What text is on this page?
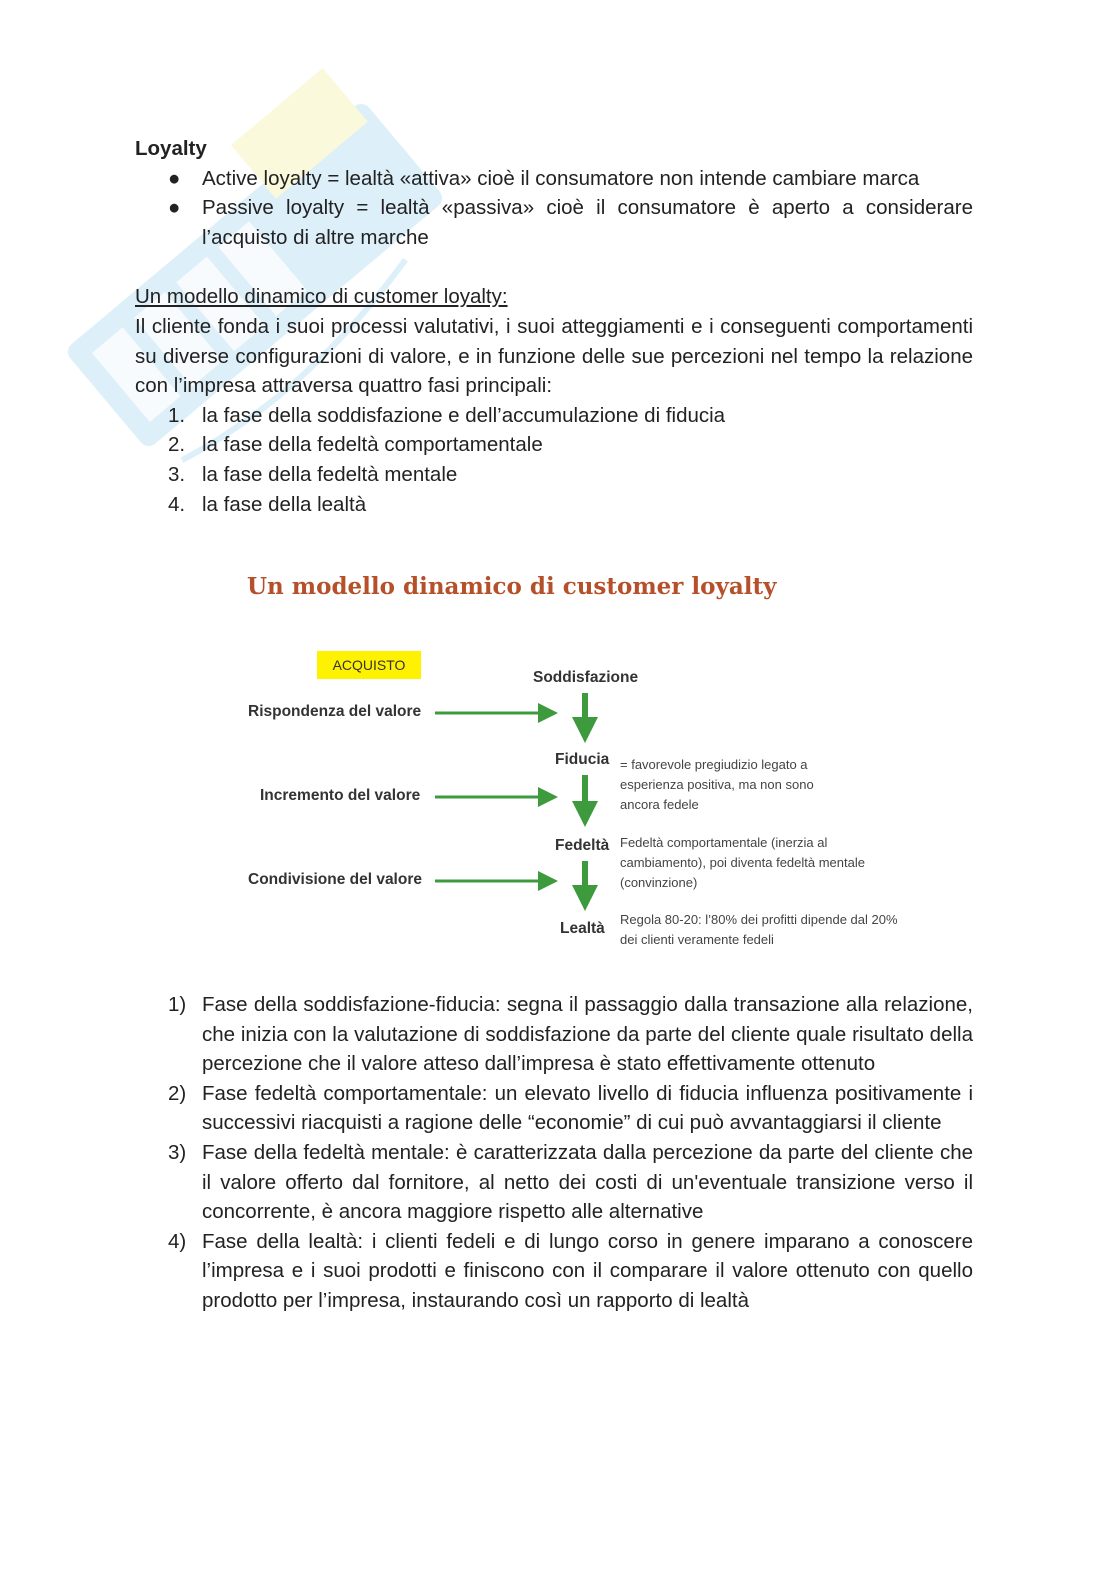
Loyalty

● Active loyalty = lealtà «attiva» cioè il consumatore non intende cambiare marca
● Passive loyalty = lealtà «passiva» cioè il consumatore è aperto a considerare l’acquisto di altre marche

Un modello dinamico di customer loyalty:

Il cliente fonda i suoi processi valutativi, i suoi atteggiamenti e i conseguenti comportamenti su diverse configurazioni di valore, e in funzione delle sue percezioni nel tempo la relazione con l’impresa attraversa quattro fasi principali:

1. la fase della soddisfazione e dell’accumulazione di fiducia
2. la fase della fedeltà comportamentale
3. la fase della fedeltà mentale
4. la fase della lealtà
Un modello dinamico di customer loyalty
ACQUISTO
Soddisfazione
Fiducia
Fedeltà
Lealtà
Rispondenza del valore
Incremento del valore
Condivisione del valore
= favorevole pregiudizio legato a esperienza positiva, ma non sono ancora fedele
Fedeltà comportamentale (inerzia al cambiamento), poi diventa fedeltà mentale (convinzione)
Regola 80-20: l’80% dei profitti dipende dal 20% dei clienti veramente fedeli
1) Fase della soddisfazione-fiducia: segna il passaggio dalla transazione alla relazione, che inizia con la valutazione di soddisfazione da parte del cliente quale risultato della percezione che il valore atteso dall’impresa è stato effettivamente ottenuto
2) Fase fedeltà comportamentale: un elevato livello di fiducia influenza positivamente i successivi riacquisti a ragione delle “economie” di cui può avvantaggiarsi il cliente
3) Fase della fedeltà mentale: è caratterizzata dalla percezione da parte del cliente che il valore offerto dal fornitore, al netto dei costi di un'eventuale transizione verso il concorrente, è ancora maggiore rispetto alle alternative
4) Fase della lealtà: i clienti fedeli e di lungo corso in genere imparano a conoscere l’impresa e i suoi prodotti e finiscono con il comparare il valore ottenuto con quello prodotto per l’impresa, instaurando così un rapporto di lealtà
